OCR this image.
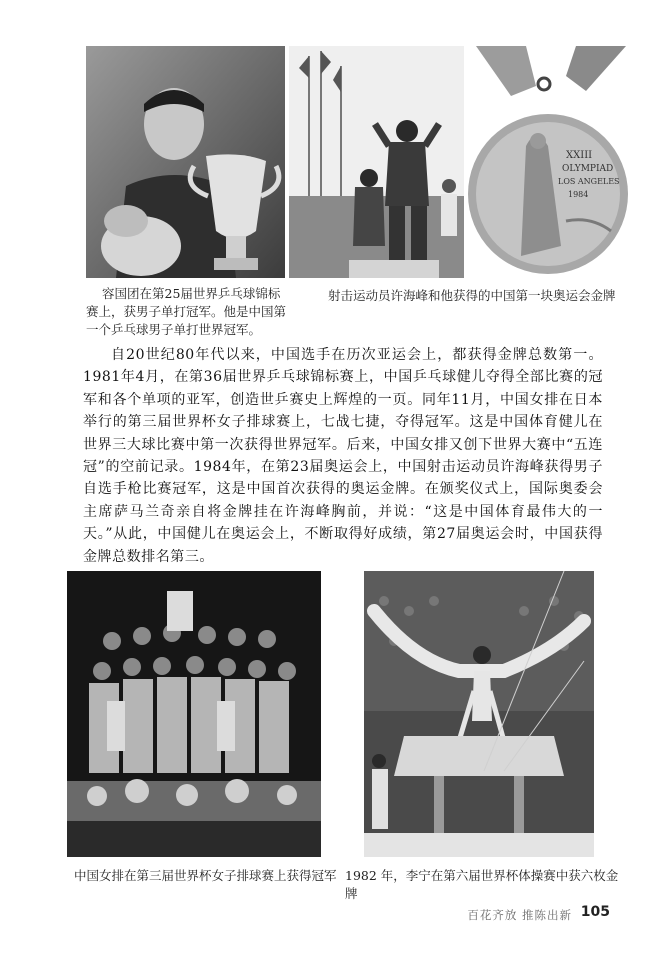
XXIII
OLYMPIAD
LOS ANGELES
1984
容国团在第25届世界乒乓球锦标赛上，获男子单打冠军。他是中国第一个乒乓球男子单打世界冠军。
射击运动员许海峰和他获得的中国第一块奥运会金牌

自20世纪80年代以来，中国选手在历次亚运会上，都获得金牌总数第一。1981年4月，在第36届世界乒乓球锦标赛上，中国乒乓球健儿夺得全部比赛的冠军和各个单项的亚军，创造世乒赛史上辉煌的一页。同年11月，中国女排在日本举行的第三届世界杯女子排球赛上，七战七捷，夺得冠军。这是中国体育健儿在世界三大球比赛中第一次获得世界冠军。后来，中国女排又创下世界大赛中“五连冠”的空前记录。1984年，在第23届奥运会上，中国射击运动员许海峰获得男子自选手枪比赛冠军，这是中国首次获得的奥运金牌。在颁奖仪式上，国际奥委会主席萨马兰奇亲自将金牌挂在许海峰胸前，并说：“这是中国体育最伟大的一天。”从此，中国健儿在奥运会上，不断取得好成绩，第27届奥运会时，中国获得金牌总数排名第三。

中国女排在第三届世界杯女子排球赛上获得冠军 1982 年，李宁在第六届世界杯体操赛中获六枚金牌
百花齐放 推陈出新 105
